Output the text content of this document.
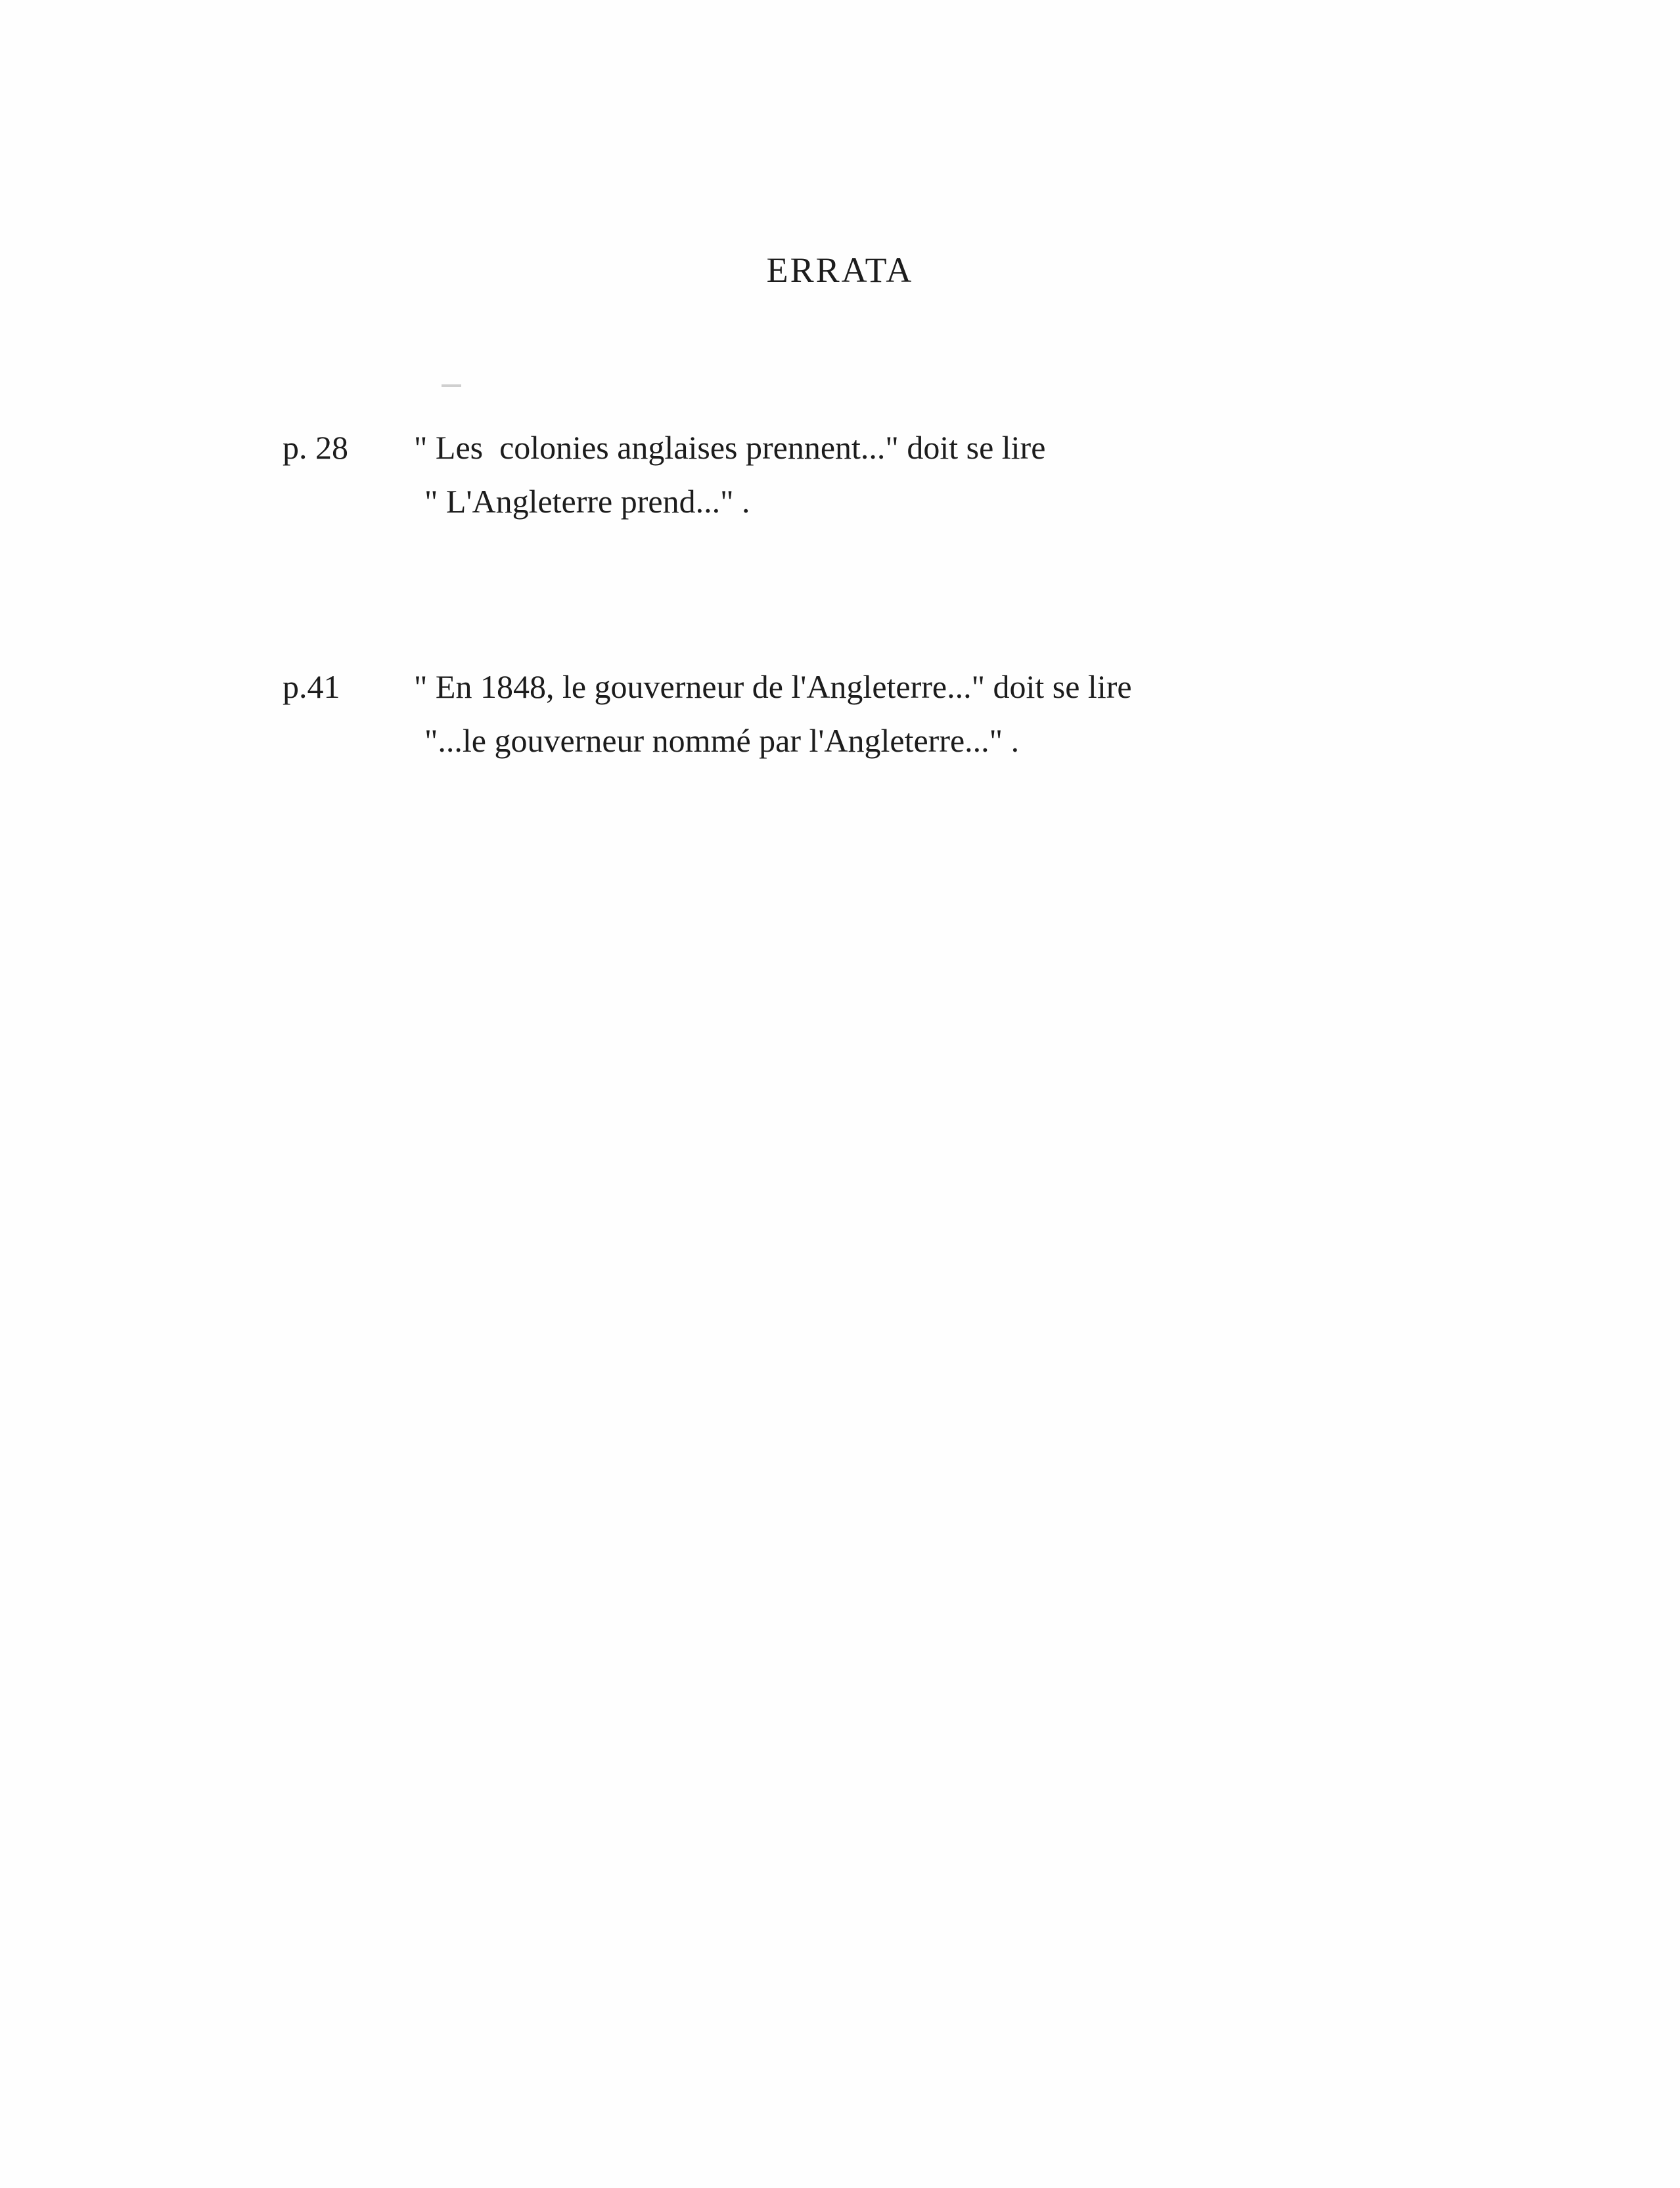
ERRATA
p. 28	" Les  colonies anglaises prennent..." doit se lire
" L'Angleterre prend..." .
p.41	" En 1848, le gouverneur de l'Angleterre..." doit se lire
"...le gouverneur nommé par l'Angleterre..." .
